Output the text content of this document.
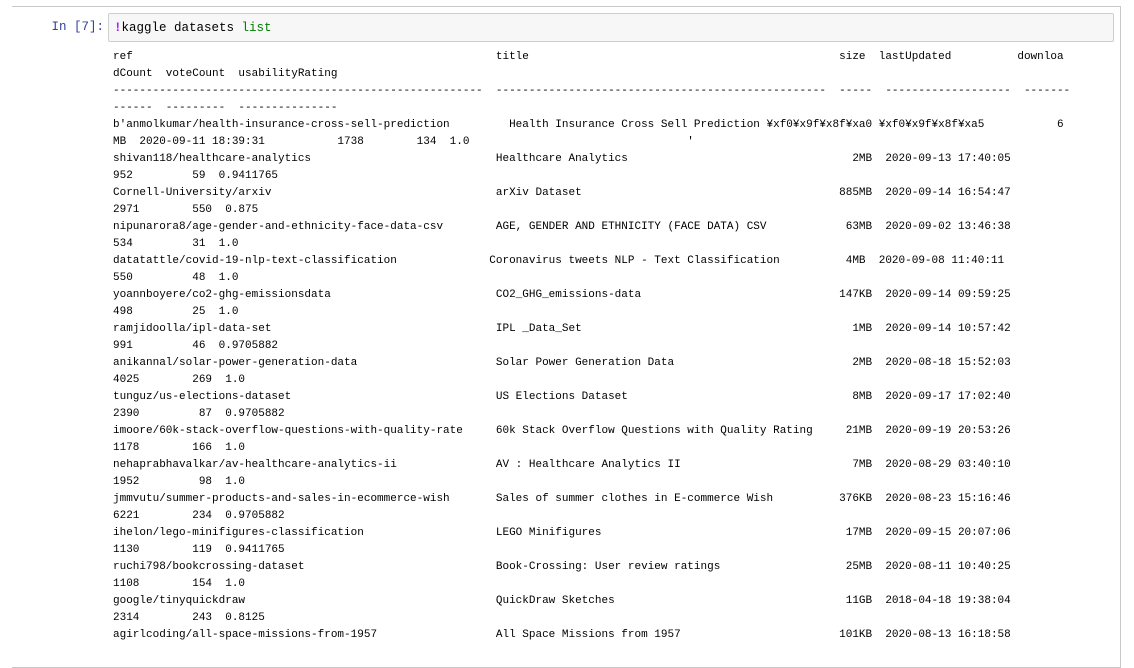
In [7]: !kaggle datasets list
ref                                                       title                                               size  lastUpdated          downloa
dCount  voteCount  usabilityRating
--------------------------------------------------------  --------------------------------------------------  -----  -------------------  -------
------  ---------  ---------------
b'anmolkumar/health-insurance-cross-sell-prediction         Health Insurance Cross Sell Prediction ¥xf0¥x9f¥x8f¥xa0 ¥xf0¥x9f¥x8f¥xa5           6
MB  2020-09-11 18:39:31           1738        134  1.0                                 '
shivan118/healthcare-analytics                            Healthcare Analytics                                  2MB  2020-09-13 17:40:05
952         59  0.9411765
Cornell-University/arxiv                                  arXiv Dataset                                       885MB  2020-09-14 16:54:47
2971        550  0.875
nipunarora8/age-gender-and-ethnicity-face-data-csv        AGE, GENDER AND ETHNICITY (FACE DATA) CSV            63MB  2020-09-02 13:46:38
534         31  1.0
datatattle/covid-19-nlp-text-classification              Coronavirus tweets NLP - Text Classification          4MB  2020-09-08 11:40:11
550         48  1.0
yoannboyere/co2-ghg-emissionsdata                         CO2_GHG_emissions-data                              147KB  2020-09-14 09:59:25
498         25  1.0
ramjidoolla/ipl-data-set                                  IPL _Data_Set                                         1MB  2020-09-14 10:57:42
991         46  0.9705882
anikannal/solar-power-generation-data                     Solar Power Generation Data                           2MB  2020-08-18 15:52:03
4025        269  1.0
tunguz/us-elections-dataset                               US Elections Dataset                                  8MB  2020-09-17 17:02:40
2390         87  0.9705882
imoore/60k-stack-overflow-questions-with-quality-rate     60k Stack Overflow Questions with Quality Rating     21MB  2020-09-19 20:53:26
1178        166  1.0
nehaprabhavalkar/av-healthcare-analytics-ii               AV : Healthcare Analytics II                          7MB  2020-08-29 03:40:10
1952         98  1.0
jmmvutu/summer-products-and-sales-in-ecommerce-wish       Sales of summer clothes in E-commerce Wish          376KB  2020-08-23 15:16:46
6221        234  0.9705882
ihelon/lego-minifigures-classification                    LEGO Minifigures                                     17MB  2020-09-15 20:07:06
1130        119  0.9411765
ruchi798/bookcrossing-dataset                             Book-Crossing: User review ratings                   25MB  2020-08-11 10:40:25
1108        154  1.0
google/tinyquickdraw                                      QuickDraw Sketches                                   11GB  2018-04-18 19:38:04
2314        243  0.8125
agirlcoding/all-space-missions-from-1957                  All Space Missions from 1957                        101KB  2020-08-13 16:18:58
